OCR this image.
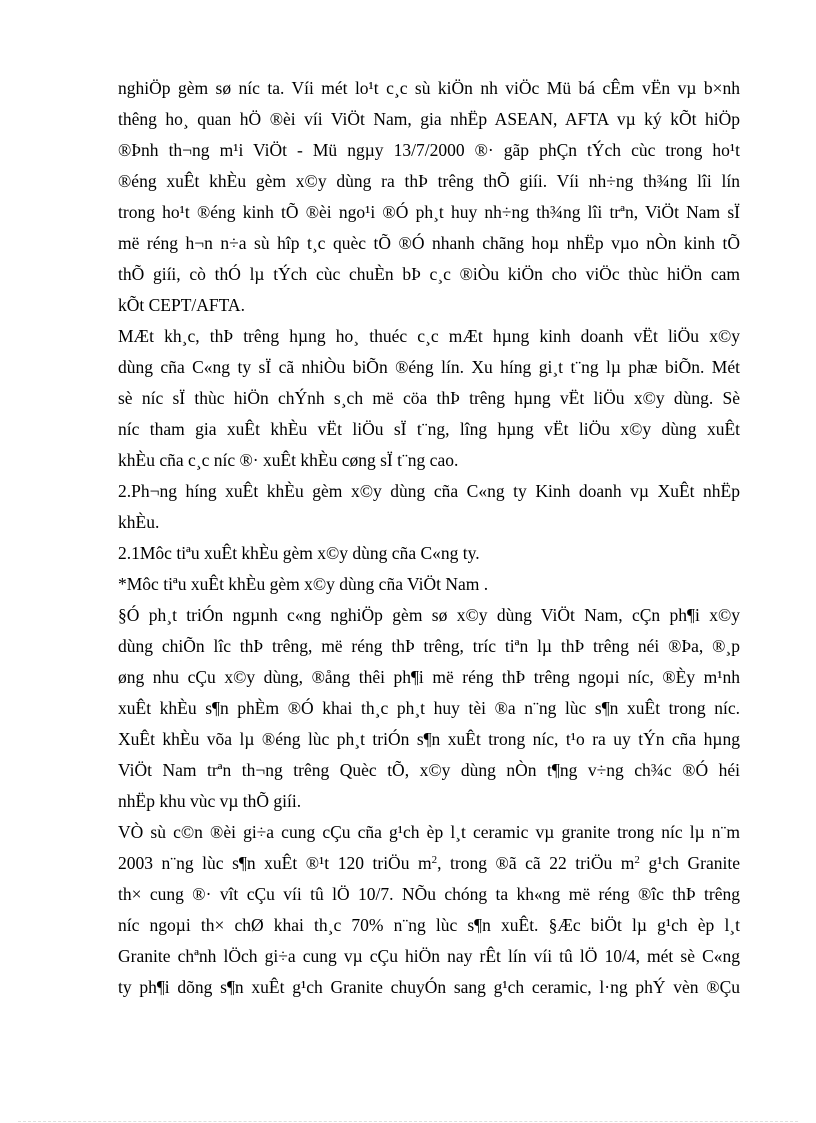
nghiÖp gèm sø níc ta. Víi mét lo¹t c¸c sù kiÖn nh viÖc Mü bá cÊm vËn vµ b×nh
thêng ho¸ quan hÖ ®èi víi ViÖt Nam, gia nhËp ASEAN, AFTA vµ ký kÕt hiÖp
®Þnh th¬ng m¹i ViÖt - Mü ngµy 13/7/2000 ®· gãp phÇn tÝch cùc trong ho¹t
®éng xuÊt khÈu gèm x©y dùng ra thÞ trêng thÕ giíi. Víi nh÷ng th¾ng lîi lín
trong ho¹t ®éng kinh tÕ ®èi ngo¹i ®Ó ph¸t huy nh÷ng th¾ng lîi trªn, ViÖt Nam sÏ
më réng h¬n n÷a sù hîp t¸c quèc tÕ ®Ó nhanh chãng hoµ nhËp vµo nÒn kinh tÕ
thÕ giíi, cò thÓ lµ tÝch cùc chuÈn bÞ c¸c ®iÒu kiÖn cho viÖc thùc hiÖn cam
kÕt CEPT/AFTA.
MÆt kh¸c, thÞ trêng hµng ho¸ thuéc c¸c mÆt hµng kinh doanh vËt liÖu x©y
dùng cña C«ng ty sÏ cã nhiÒu biÕn ®éng lín. Xu híng gi¸t t¨ng lµ phæ biÕn. Mét
sè níc sÏ thùc hiÖn chÝnh s¸ch më cöa thÞ trêng hµng vËt liÖu x©y dùng. Sè
níc tham gia xuÊt khÈu vËt liÖu sÏ t¨ng, lîng hµng vËt liÖu x©y dùng xuÊt
khÈu cña c¸c níc ®· xuÊt khÈu cøng sÏ t¨ng cao.
2.Ph¬ng híng xuÊt khÈu gèm x©y dùng cña C«ng ty Kinh doanh vµ XuÊt nhËp
khÈu.
2.1Môc tiªu xuÊt khÈu gèm x©y dùng cña C«ng ty.
*Môc tiªu xuÊt khÈu gèm x©y dùng cña ViÖt Nam .
§Ó ph¸t triÓn ngµnh c«ng nghiÖp gèm sø x©y dùng ViÖt Nam, cÇn ph¶i x©y
dùng chiÕn lîc thÞ trêng, më réng thÞ trêng, tríc tiªn lµ thÞ trêng néi ®Þa, ®¸p
øng nhu cÇu x©y dùng, ®ång thêi ph¶i më réng thÞ trêng ngoµi níc, ®Èy m¹nh
xuÊt khÈu s¶n phÈm ®Ó khai th¸c ph¸t huy tèi ®a n¨ng lùc s¶n xuÊt trong níc.
XuÊt khÈu võa lµ ®éng lùc ph¸t triÓn s¶n xuÊt trong níc, t¹o ra uy tÝn cña hµng
ViÖt Nam trªn th¬ng trêng Quèc tÕ, x©y dùng nÒn t¶ng v÷ng ch¾c ®Ó héi
nhËp khu vùc vµ thÕ giíi.
VÒ sù c©n ®èi gi÷a cung cÇu cña g¹ch èp l¸t ceramic vµ granite trong níc lµ n¨m
2003 n¨ng lùc s¶n xuÊt ®¹t 120 triÖu $m^2$, trong ®ã cã 22 triÖu $m^2$ g¹ch Granite
th× cung ®· vît cÇu víi tû lÖ 10/7. NÕu chóng ta kh«ng më réng ®îc thÞ trêng
níc ngoµi th× chØ khai th¸c 70% n¨ng lùc s¶n xuÊt. §Æc biÖt lµ g¹ch èp l¸t
Granite chªnh lÖch gi÷a cung vµ cÇu hiÖn nay rÊt lín víi tû lÖ 10/4, mét sè C«ng
ty ph¶i dõng s¶n xuÊt g¹ch Granite chuyÓn sang g¹ch ceramic, l·ng phÝ vèn ®Çu
